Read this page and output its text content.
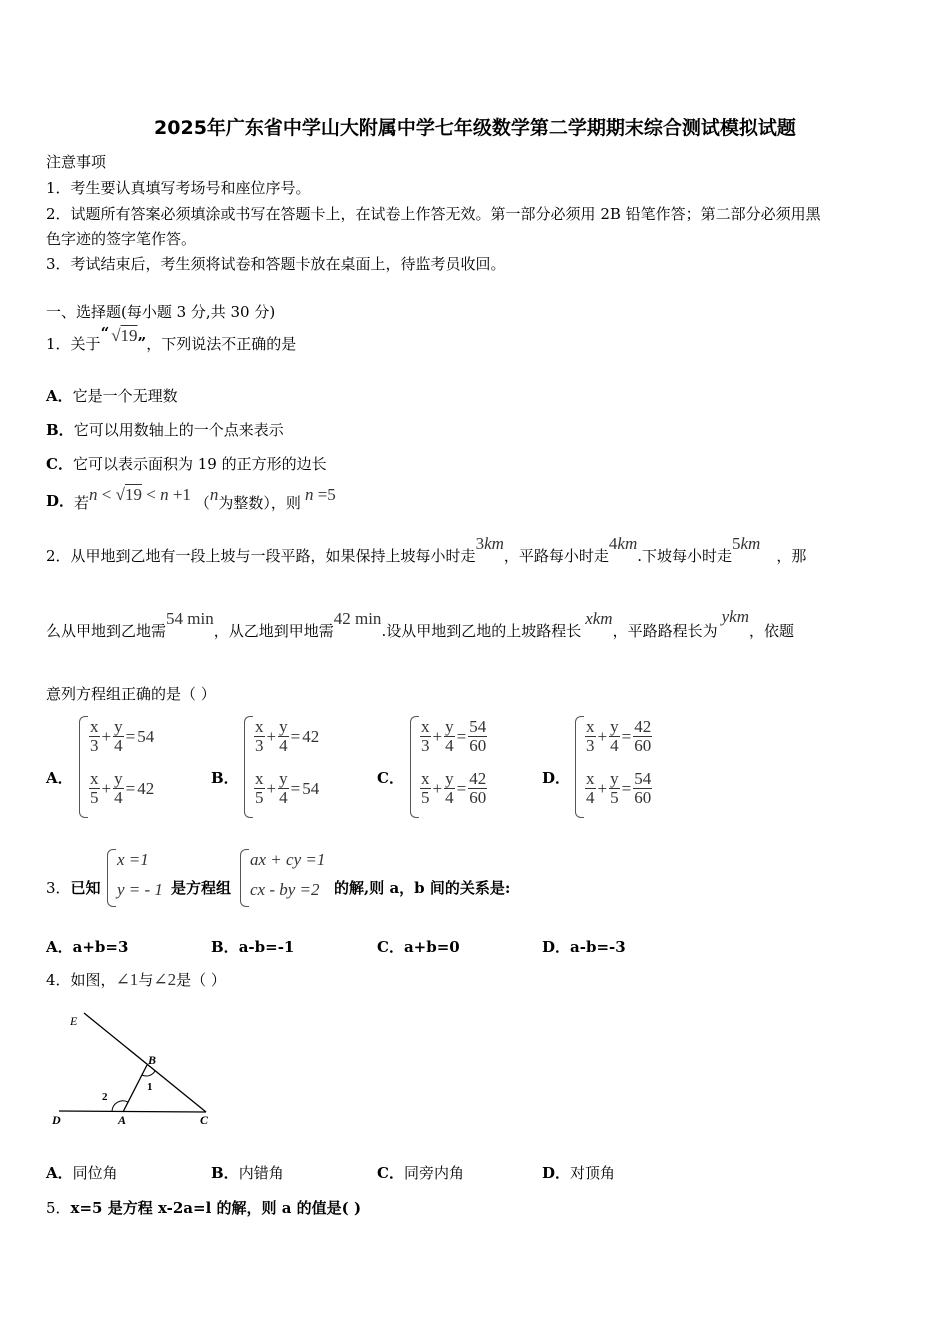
2025年广东省中学山大附属中学七年级数学第二学期期末综合测试模拟试题
注意事项
1．考生要认真填写考场号和座位序号。
2．试题所有答案必须填涂或书写在答题卡上，在试卷上作答无效。第一部分必须用 2B 铅笔作答；第二部分必须用黑
色字迹的签字笔作答。
3．考试结束后，考生须将试卷和答题卡放在桌面上，待监考员收回。
一、选择题(每小题 3 分,共 30 分)
1． 关于
“ √19 ” ，下列说法不正确的是
A．它是一个无理数
B．它可以用数轴上的一个点来表示
C．它可以表示面积为 19 的正方形的边长
D． 若 n < √19 < n +1 （ n 为整数），则 n =5
2． 从甲地到乙地有一段上坡与一段平路，如果保持上坡每小时走
3km
，平路每小时走
4km
.下坡每小时走
5km
，那
么从甲地到乙地需
54 min
，从乙地到甲地需
42 min
.设从甲地到乙地的上坡路程长
xkm
，平路路程长为
ykm
，依题
意列方程组正确的是（ ）
A．
$\frac{x}{3} + \frac{y}{4} = 54$
$\frac{x}{5} + \frac{y}{4} = 42$
B．
$\frac{x}{3} + \frac{y}{4} = 42$
$\frac{x}{5} + \frac{y}{4} = 54$
C．
$\frac{x}{3} + \frac{y}{4} = \frac{54}{60}$
$\frac{x}{5} + \frac{y}{4} = \frac{42}{60}$	D．
$\frac{x}{3} + \frac{y}{4} = \frac{42}{60}$
$\frac{x}{4} + \frac{y}{5} = \frac{54}{60}$
3．已知
x =1
y = - 1 是方程组
ax + cy =1
cx - by =2 的解,则 a，b 间的关系是:
A．a+b=3	B．a-b=-1	C．a+b=0	D．a-b=-3
4． 如图， ∠1 与 ∠2 是（ ）
E
B
1
2
D	A	C
A．同位角	B．内错角	C．同旁内角	D．对顶角
5．x=5 是方程 x-2a=l 的解，则 a 的值是( )
